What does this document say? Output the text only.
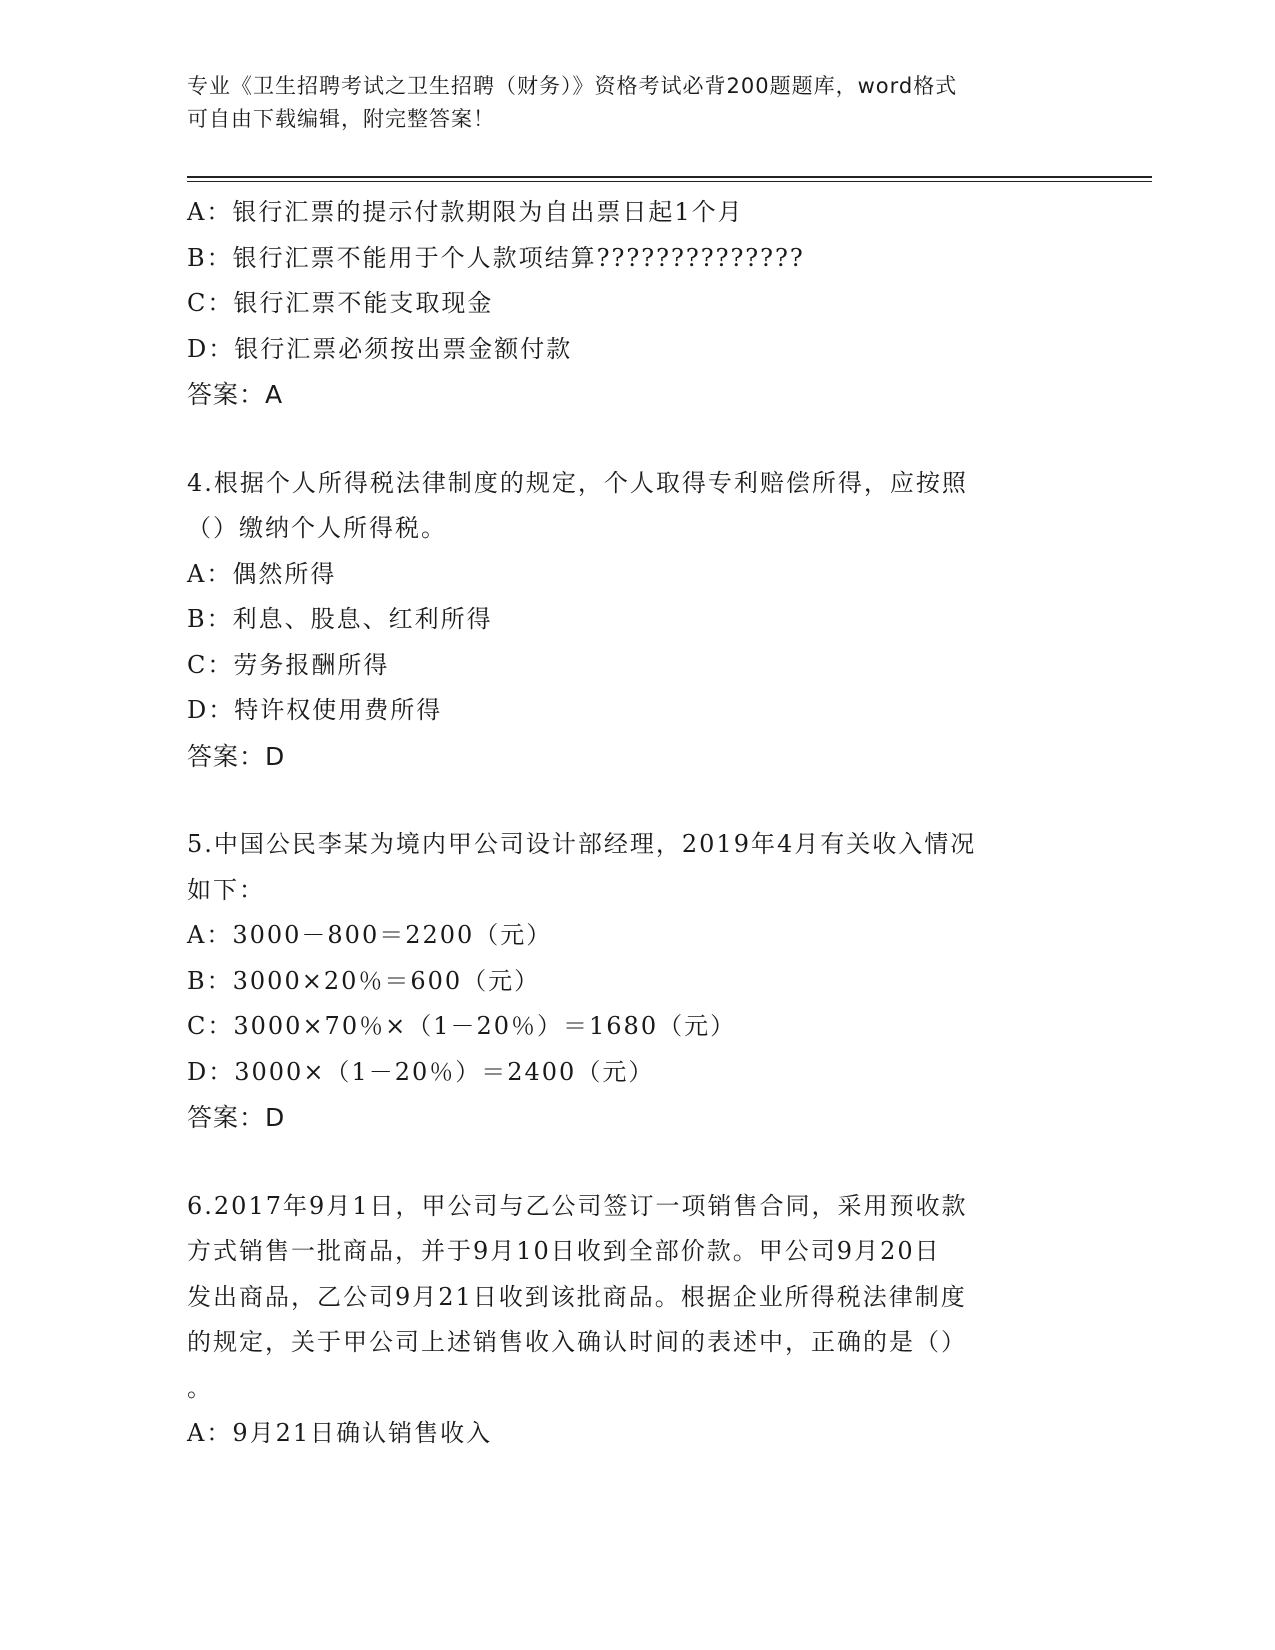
专业《卫生招聘考试之卫生招聘（财务）》资格考试必背200题题库，word格式
可自由下载编辑，附完整答案！
A：银行汇票的提示付款期限为自出票日起1个月
B：银行汇票不能用于个人款项结算??????????????
C：银行汇票不能支取现金
D：银行汇票必须按出票金额付款
答案：A
4.根据个人所得税法律制度的规定，个人取得专利赔偿所得，应按照
（）缴纳个人所得税。
A：偶然所得
B：利息、股息、红利所得
C：劳务报酬所得
D：特许权使用费所得
答案：D
5.中国公民李某为境内甲公司设计部经理，2019年4月有关收入情况
如下：
A：3000－800＝2200（元）
B：3000×20％＝600（元）
C：3000×70％×（1－20％）＝1680（元）
D：3000×（1－20％）＝2400（元）
答案：D
6.2017年9月1日，甲公司与乙公司签订一项销售合同，采用预收款
方式销售一批商品，并于9月10日收到全部价款。甲公司9月20日
发出商品，乙公司9月21日收到该批商品。根据企业所得税法律制度
的规定，关于甲公司上述销售收入确认时间的表述中，正确的是（）
。
A：9月21日确认销售收入
